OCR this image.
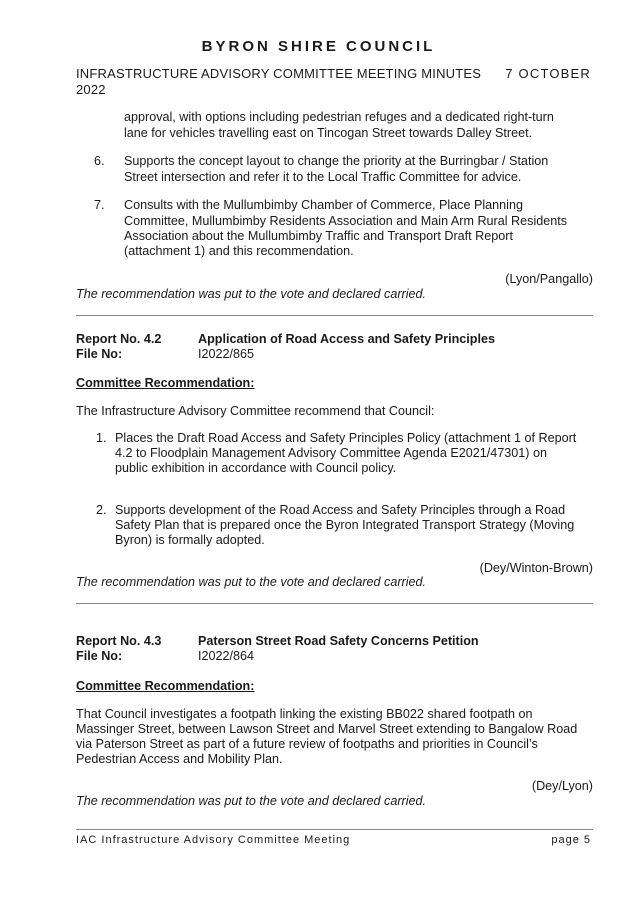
BYRON SHIRE COUNCIL
INFRASTRUCTURE ADVISORY COMMITTEE MEETING MINUTES 2022
7 OCTOBER
approval, with options including pedestrian refuges and a dedicated right-turn
lane for vehicles travelling east on Tincogan Street towards Dalley Street.
6. Supports the concept layout to change the priority at the Burringbar / Station
Street intersection and refer it to the Local Traffic Committee for advice.
7. Consults with the Mullumbimby Chamber of Commerce, Place Planning
Committee, Mullumbimby Residents Association and Main Arm Rural Residents
Association about the Mullumbimby Traffic and Transport Draft Report
(attachment 1) and this recommendation.
(Lyon/Pangallo)
The recommendation was put to the vote and declared carried.
Report No. 4.2
File No:
Application of Road Access and Safety Principles
I2022/865
Committee Recommendation:
The Infrastructure Advisory Committee recommend that Council:
1. Places the Draft Road Access and Safety Principles Policy (attachment 1 of Report
4.2 to Floodplain Management Advisory Committee Agenda E2021/47301) on
public exhibition in accordance with Council policy.
2. Supports development of the Road Access and Safety Principles through a Road
Safety Plan that is prepared once the Byron Integrated Transport Strategy (Moving
Byron) is formally adopted.
(Dey/Winton-Brown)
The recommendation was put to the vote and declared carried.
Report No. 4.3
File No:
Paterson Street Road Safety Concerns Petition
I2022/864
Committee Recommendation:
That Council investigates a footpath linking the existing BB022 shared footpath on
Massinger Street, between Lawson Street and Marvel Street extending to Bangalow Road
via Paterson Street as part of a future review of footpaths and priorities in Council’s
Pedestrian Access and Mobility Plan.
(Dey/Lyon)
The recommendation was put to the vote and declared carried.
IAC Infrastructure Advisory Committee Meeting	page 5
